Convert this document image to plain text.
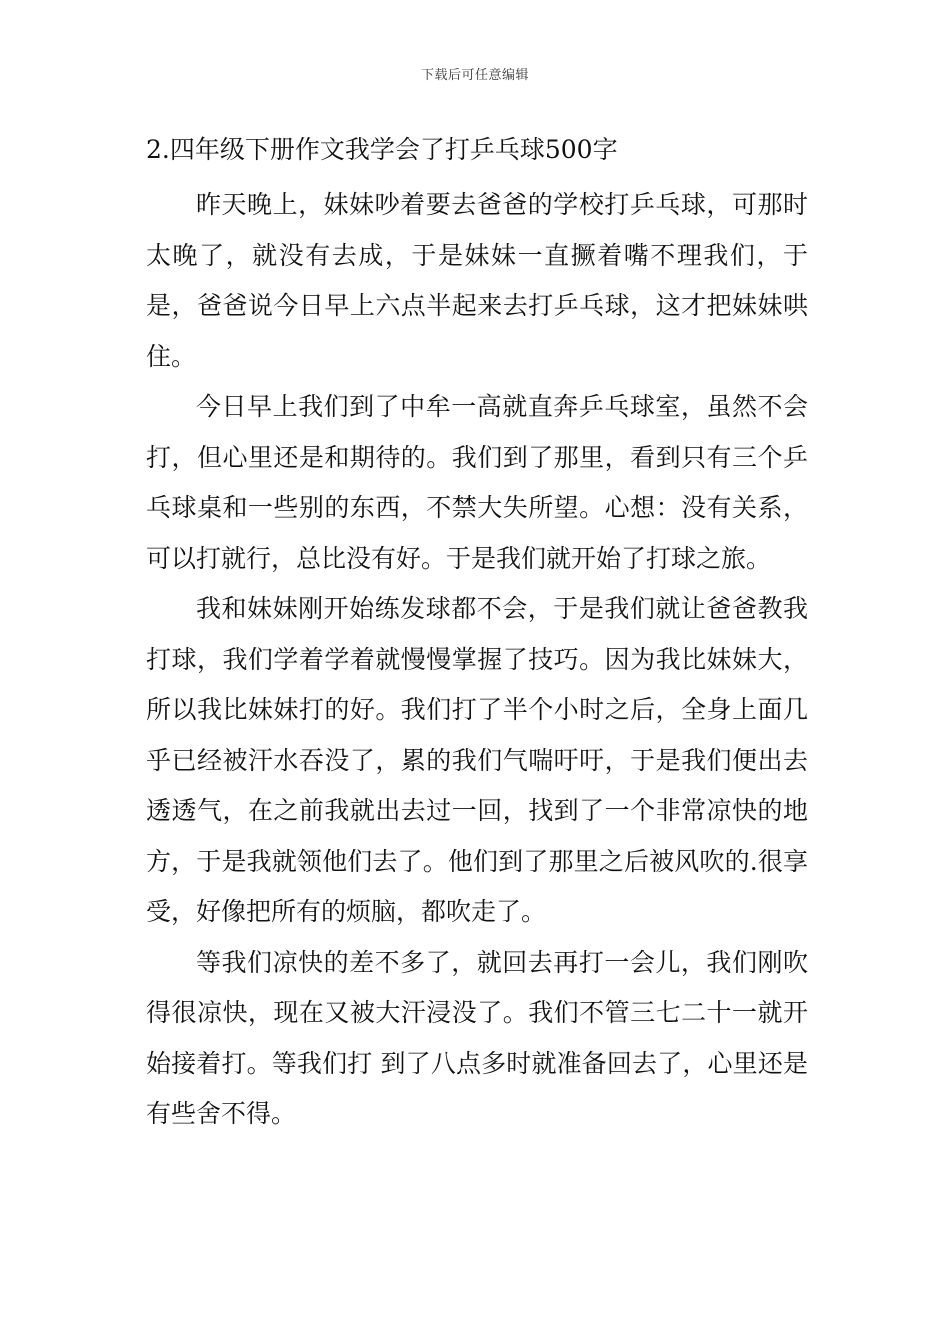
下载后可任意编辑
2.四年级下册作文我学会了打乒乓球500字

昨天晚上，妹妹吵着要去爸爸的学校打乒乓球，可那时太晚了，就没有去成，于是妹妹一直撅着嘴不理我们，于是，爸爸说今日早上六点半起来去打乒乓球，这才把妹妹哄住。

今日早上我们到了中牟一高就直奔乒乓球室，虽然不会打，但心里还是和期待的。我们到了那里，看到只有三个乒乓球桌和一些别的东西，不禁大失所望。心想：没有关系，可以打就行，总比没有好。于是我们就开始了打球之旅。

我和妹妹刚开始练发球都不会，于是我们就让爸爸教我打球，我们学着学着就慢慢掌握了技巧。因为我比妹妹大，所以我比妹妹打的好。我们打了半个小时之后，全身上面几乎已经被汗水吞没了，累的我们气喘吁吁，于是我们便出去透透气，在之前我就出去过一回，找到了一个非常凉快的地方，于是我就领他们去了。他们到了那里之后被风吹的.很享受，好像把所有的烦脑，都吹走了。

等我们凉快的差不多了，就回去再打一会儿，我们刚吹得很凉快，现在又被大汗浸没了。我们不管三七二十一就开始接着打。等我们打 到了八点多时就准备回去了，心里还是有些舍不得。
